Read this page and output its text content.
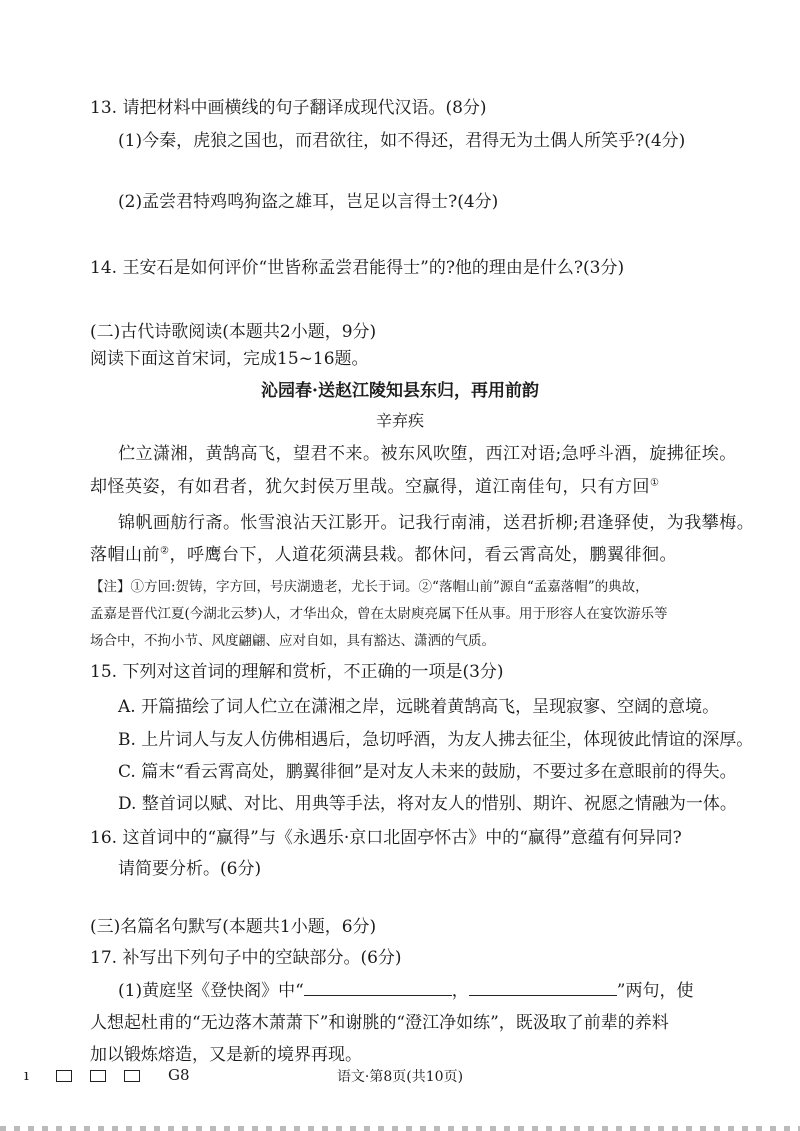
13. 请把材料中画横线的句子翻译成现代汉语。(8分)
(1)今秦，虎狼之国也，而君欲往，如不得还，君得无为土偶人所笑乎?(4分)
(2)孟尝君特鸡鸣狗盗之雄耳，岂足以言得士?(4分)
14. 王安石是如何评价“世皆称孟尝君能得士”的?他的理由是什么?(3分)
(二)古代诗歌阅读(本题共2小题，9分)
阅读下面这首宋词，完成15~16题。
沁园春·送赵江陵知县东归，再用前韵
辛弃疾
伫立潇湘，黄鹄高飞，望君不来。被东风吹堕，西江对语;急呼斗酒，旋拂征埃。
却怪英姿，有如君者，犹欠封侯万里哉。空赢得，道江南佳句，只有方回①
锦帆画舫行斋。怅雪浪沾天江影开。记我行南浦，送君折柳;君逢驿使，为我攀梅。
落帽山前②，呼鹰台下，人道花须满县栽。都休问，看云霄高处，鹏翼徘徊。
【注】①方回:贺铸，字方回，号庆湖遗老，尤长于词。②“落帽山前”源自“孟嘉落帽”的典故，
孟嘉是晋代江夏(今湖北云梦)人，才华出众，曾在太尉庾亮属下任从事。用于形容人在宴饮游乐等
场合中，不拘小节、风度翩翩、应对自如，具有豁达、潇洒的气质。
15. 下列对这首词的理解和赏析，不正确的一项是(3分)
A. 开篇描绘了词人伫立在潇湘之岸，远眺着黄鹄高飞，呈现寂寥、空阔的意境。
B. 上片词人与友人仿佛相遇后，急切呼酒，为友人拂去征尘，体现彼此情谊的深厚。
C. 篇末“看云霄高处，鹏翼徘徊”是对友人未来的鼓励，不要过多在意眼前的得失。
D. 整首词以赋、对比、用典等手法，将对友人的惜别、期许、祝愿之情融为一体。
16. 这首词中的“赢得”与《永遇乐·京口北固亭怀古》中的“赢得”意蕴有何异同?
请简要分析。(6分)
(三)名篇名句默写(本题共1小题，6分)
17. 补写出下列句子中的空缺部分。(6分)
(1)黄庭坚《登快阁》中“	，	”两句，使
人想起杜甫的“无边落木萧萧下”和谢朓的“澄江净如练”，既汲取了前辈的养料
加以锻炼熔造，又是新的境界再现。
ı	G8	语文·第8页(共10页)
